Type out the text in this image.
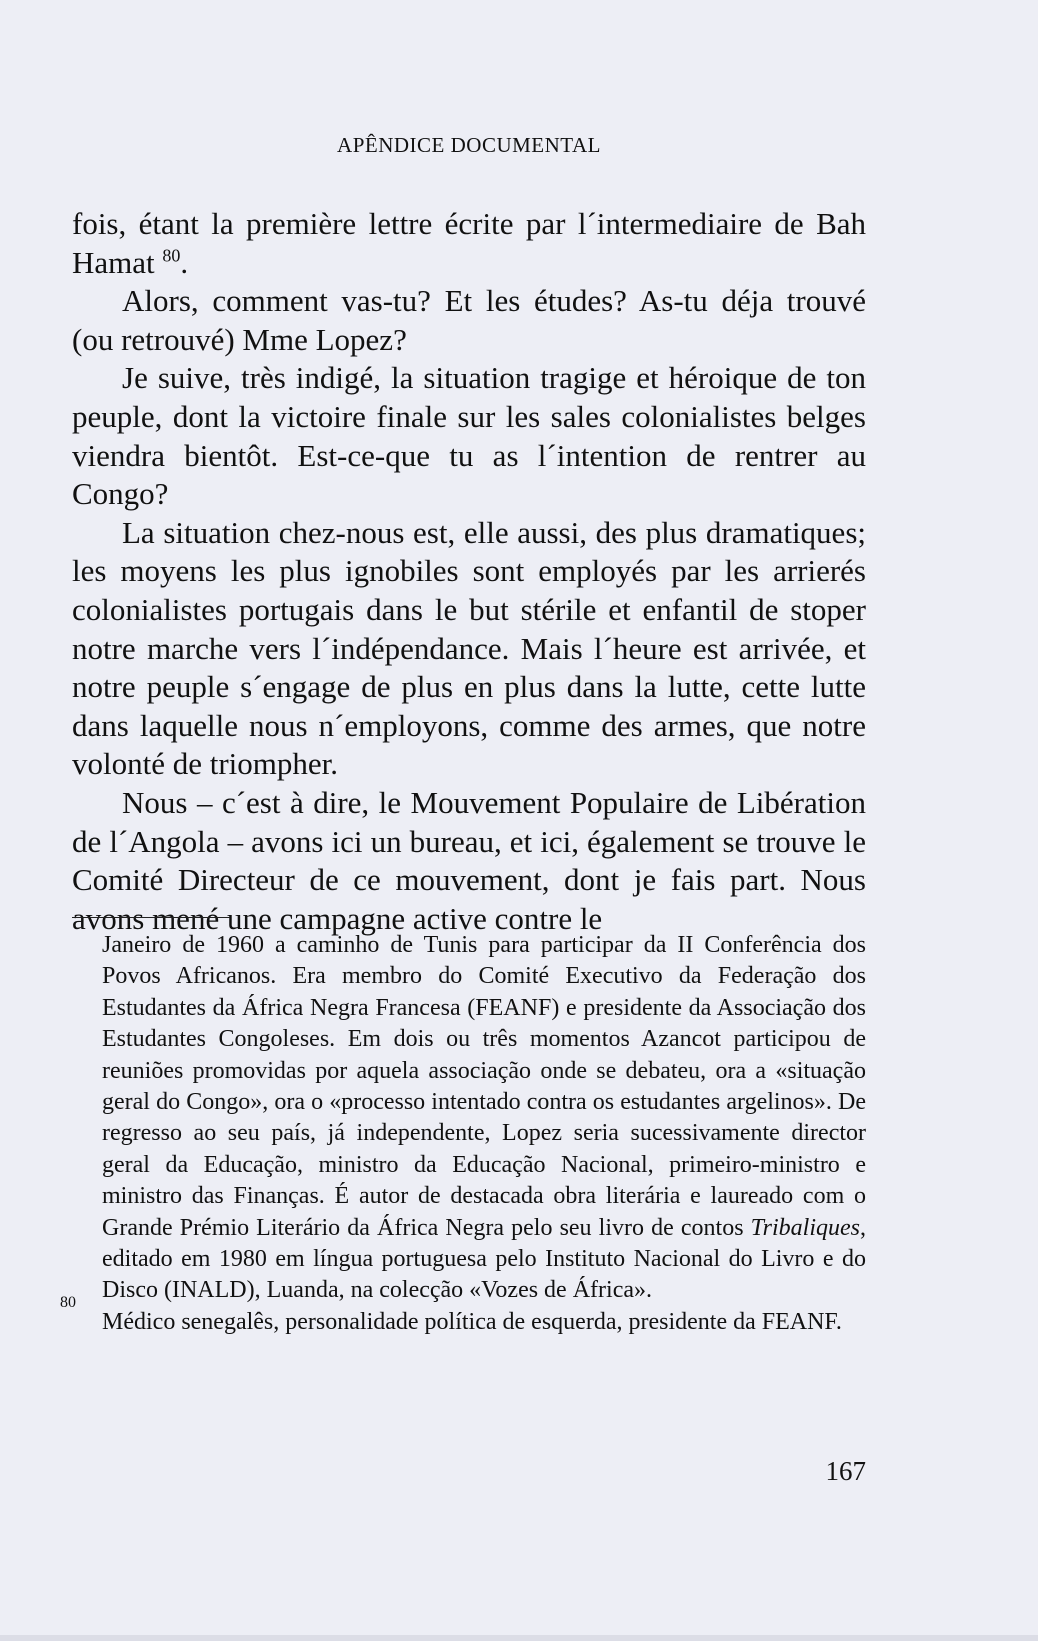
APÊNDICE DOCUMENTAL

fois, étant la première lettre écrite par l´intermediaire de Bah Hamat $^{80}$.

Alors, comment vas-tu? Et les études? As-tu déja trouvé (ou retrouvé) Mme Lopez?

Je suive, très indigé, la situation tragige et héroique de ton peuple, dont la victoire finale sur les sales colonialistes belges viendra bientôt. Est-ce-que tu as l´intention de rentrer au Congo?

La situation chez-nous est, elle aussi, des plus dramatiques; les moyens les plus ignobiles sont employés par les arrierés colonialistes portugais dans le but stérile et enfantil de stoper notre marche vers l´indépendance. Mais l´heure est arrivée, et notre peuple s´engage de plus en plus dans la lutte, cette lutte dans laquelle nous n´employons, comme des armes, que notre volonté de triompher.

Nous – c´est à dire, le Mouvement Populaire de Libération de l´Angola – avons ici un bureau, et ici, également se trouve le Comité Directeur de ce mouvement, dont je fais part. Nous avons mené une campagne active contre le

Janeiro de 1960 a caminho de Tunis para participar da II Conferência dos Povos Africanos. Era membro do Comité Executivo da Federação dos Estudantes da África Negra Francesa (FEANF) e presidente da Associação dos Estudantes Congoleses. Em dois ou três momentos Azancot participou de reuniões promovidas por aquela associação onde se debateu, ora a «situação geral do Congo», ora o «processo intentado contra os estudantes argelinos». De regresso ao seu país, já independente, Lopez seria sucessivamente director geral da Educação, ministro da Educação Nacional, primeiro-ministro e ministro das Finanças. É autor de destacada obra literária e laureado com o Grande Prémio Literário da África Negra pelo seu livro de contos Tribaliques, editado em 1980 em língua portuguesa pelo Instituto Nacional do Livro e do Disco (INALD), Luanda, na colecção «Vozes de África».

80
Médico senegalês, personalidade política de esquerda, presidente da FEANF.

167
